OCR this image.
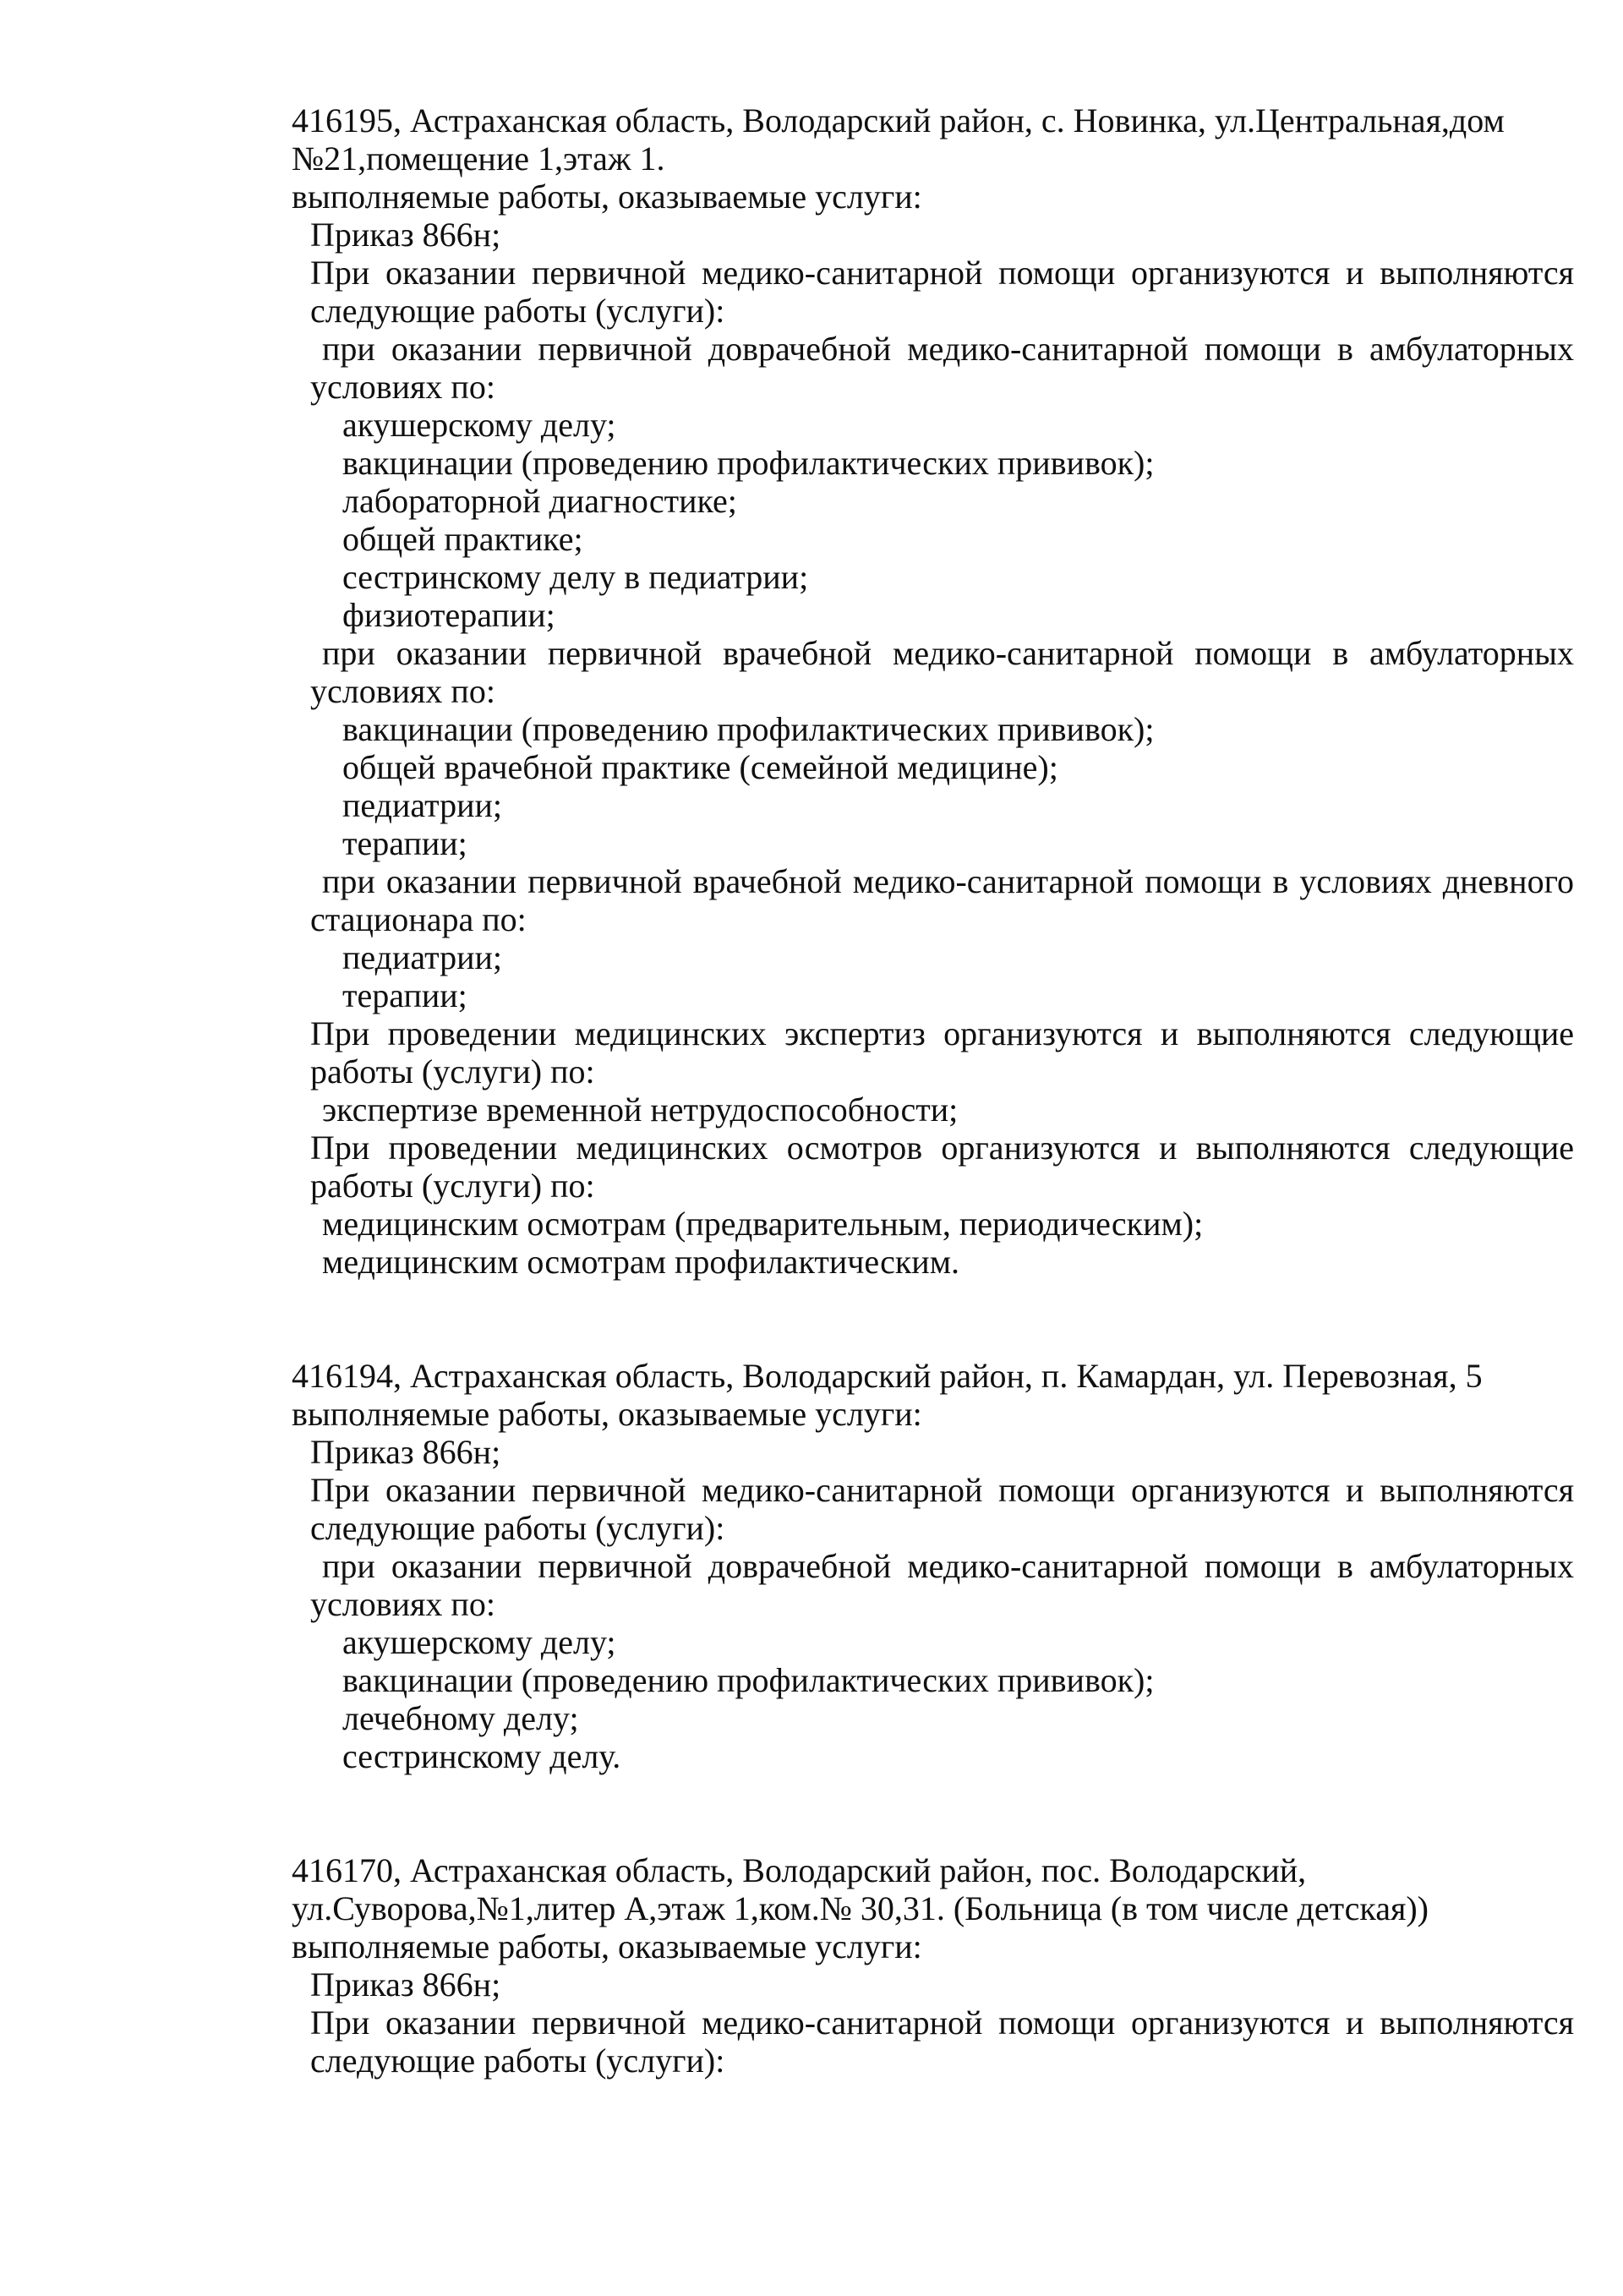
416195, Астраханская область, Володарский район, с. Новинка, ул.Центральная,дом
№21,помещение 1,этаж 1.
выполняемые работы, оказываемые услуги:
Приказ 866н;
При оказании первичной медико-санитарной помощи организуются и выполняются
следующие работы (услуги):
при оказании первичной доврачебной медико-санитарной помощи в амбулаторных
условиях по:
акушерскому делу;
вакцинации (проведению профилактических прививок);
лабораторной диагностике;
общей практике;
сестринскому делу в педиатрии;
физиотерапии;
при оказании первичной врачебной медико-санитарной помощи в амбулаторных
условиях по:
вакцинации (проведению профилактических прививок);
общей врачебной практике (семейной медицине);
педиатрии;
терапии;
при оказании первичной врачебной медико-санитарной помощи в условиях дневного
стационара по:
педиатрии;
терапии;
При проведении медицинских экспертиз организуются и выполняются следующие
работы (услуги) по:
экспертизе временной нетрудоспособности;
При проведении медицинских осмотров организуются и выполняются следующие
работы (услуги) по:
медицинским осмотрам (предварительным, периодическим);
медицинским осмотрам профилактическим.
416194, Астраханская область, Володарский район, п. Камардан, ул. Перевозная, 5
выполняемые работы, оказываемые услуги:
Приказ 866н;
При оказании первичной медико-санитарной помощи организуются и выполняются
следующие работы (услуги):
при оказании первичной доврачебной медико-санитарной помощи в амбулаторных
условиях по:
акушерскому делу;
вакцинации (проведению профилактических прививок);
лечебному делу;
сестринскому делу.
416170, Астраханская область, Володарский район, пос. Володарский,
ул.Суворова,№1,литер А,этаж 1,ком.№ 30,31. (Больница (в том числе детская))
выполняемые работы, оказываемые услуги:
Приказ 866н;
При оказании первичной медико-санитарной помощи организуются и выполняются
следующие работы (услуги):
